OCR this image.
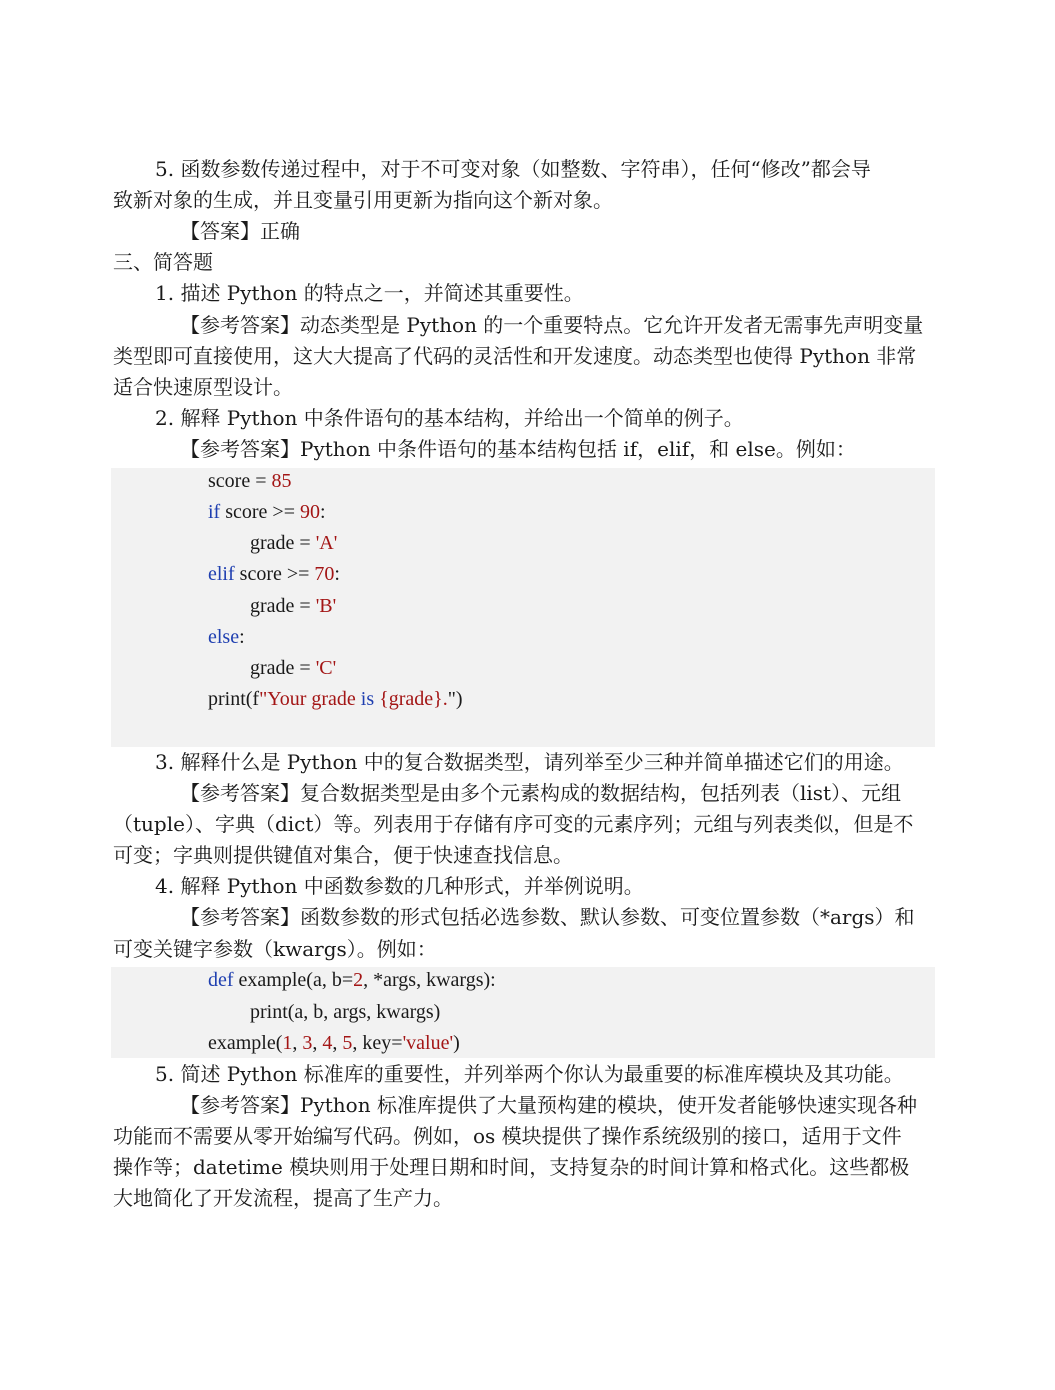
5. 函数参数传递过程中，对于不可变对象（如整数、字符串），任何“修改”都会导
致新对象的生成，并且变量引用更新为指向这个新对象。
【答案】正确
三、简答题
1. 描述 Python 的特点之一，并简述其重要性。
【参考答案】动态类型是 Python 的一个重要特点。它允许开发者无需事先声明变量
类型即可直接使用，这大大提高了代码的灵活性和开发速度。动态类型也使得 Python 非常
适合快速原型设计。
2. 解释 Python 中条件语句的基本结构，并给出一个简单的例子。
【参考答案】Python 中条件语句的基本结构包括 if，elif，和 else。例如：
score = 85
if score >= 90:
grade = 'A'
elif score >= 70:
grade = 'B'
else:
grade = 'C'
print(f"Your grade is {grade}.")
3. 解释什么是 Python 中的复合数据类型，请列举至少三种并简单描述它们的用途。
【参考答案】复合数据类型是由多个元素构成的数据结构，包括列表（list）、元组
（tuple）、字典（dict）等。列表用于存储有序可变的元素序列；元组与列表类似，但是不
可变；字典则提供键值对集合，便于快速查找信息。
4. 解释 Python 中函数参数的几种形式，并举例说明。
【参考答案】函数参数的形式包括必选参数、默认参数、可变位置参数（*args）和
可变关键字参数（kwargs）。例如：
def example(a, b=2, *args, kwargs):
print(a, b, args, kwargs)
example(1, 3, 4, 5, key='value')
5. 简述 Python 标准库的重要性，并列举两个你认为最重要的标准库模块及其功能。
【参考答案】Python 标准库提供了大量预构建的模块，使开发者能够快速实现各种
功能而不需要从零开始编写代码。例如，os 模块提供了操作系统级别的接口，适用于文件
操作等；datetime 模块则用于处理日期和时间，支持复杂的时间计算和格式化。这些都极
大地简化了开发流程，提高了生产力。
